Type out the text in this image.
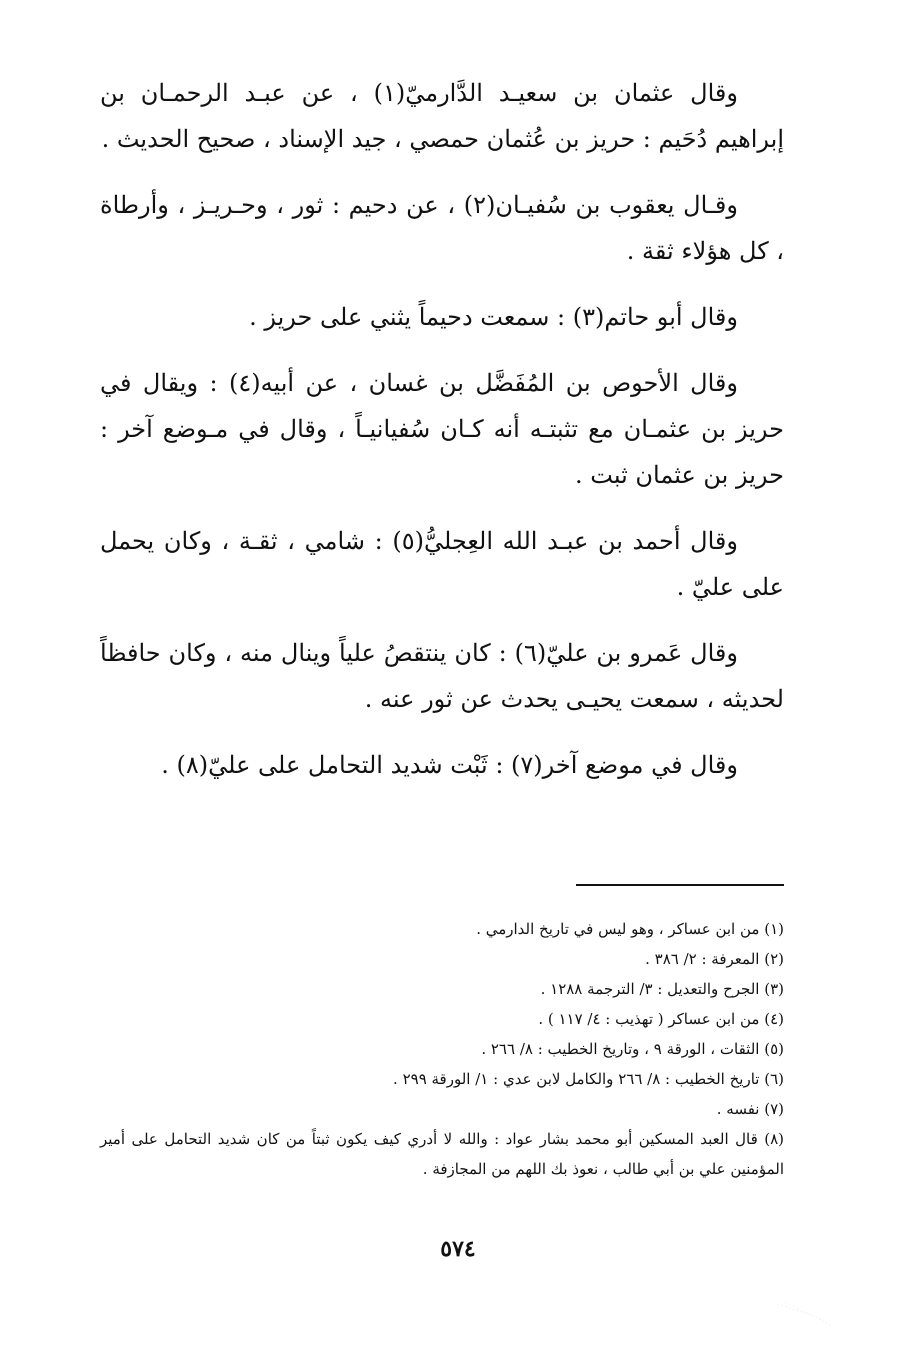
وقال عثمان بن سعيـد الدَّارميّ(١) ، عن عبـد الرحمـان بن إبراهيم دُحَيم : حريز بن عُثمان حمصي ، جيد الإسناد ، صحيح الحديث .

وقـال يعقوب بن سُفيـان(٢) ، عن دحيم : ثور ، وحـريـز ، وأرطاة ، كل هؤلاء ثقة .

وقال أبو حاتم(٣) : سمعت دحيماً يثني على حريز .

وقال الأحوص بن المُفَضَّل بن غسان ، عن أبيه(٤) : ويقال في حريز بن عثمـان مع تثبتـه أنه كـان سُفيانيـاً ، وقال في مـوضع آخر : حريز بن عثمان ثبت .

وقال أحمد بن عبـد الله العِجليُّ(٥) : شامي ، ثقـة ، وكان يحمل على عليّ .

وقال عَمرو بن عليّ(٦) : كان ينتقصُ علياً وينال منه ، وكان حافظاً لحديثه ، سمعت يحيـى يحدث عن ثور عنه .

وقال في موضع آخر(٧) : ثَبْت شديد التحامل على عليّ(٨) .

(١) من ابن عساكر ، وهو ليس في تاريخ الدارمي .

(٢) المعرفة : ٢/ ٣٨٦ .

(٣) الجرح والتعديل : ٣/ الترجمة ١٢٨٨ .

(٤) من ابن عساكر ( تهذيب : ٤/ ١١٧ ) .

(٥) الثقات ، الورقة ٩ ، وتاريخ الخطيب : ٨/ ٢٦٦ .

(٦) تاريخ الخطيب : ٨/ ٢٦٦ والكامل لابن عدي : ١/ الورقة ٢٩٩ .

(٧) نفسه .

(٨) قال العبد المسكين أبو محمد بشار عواد : والله لا أدري كيف يكون ثبتاً من كان شديد التحامل على أمير المؤمنين علي بن أبي طالب ، نعوذ بك اللهم من المجازفة .

٥٧٤
